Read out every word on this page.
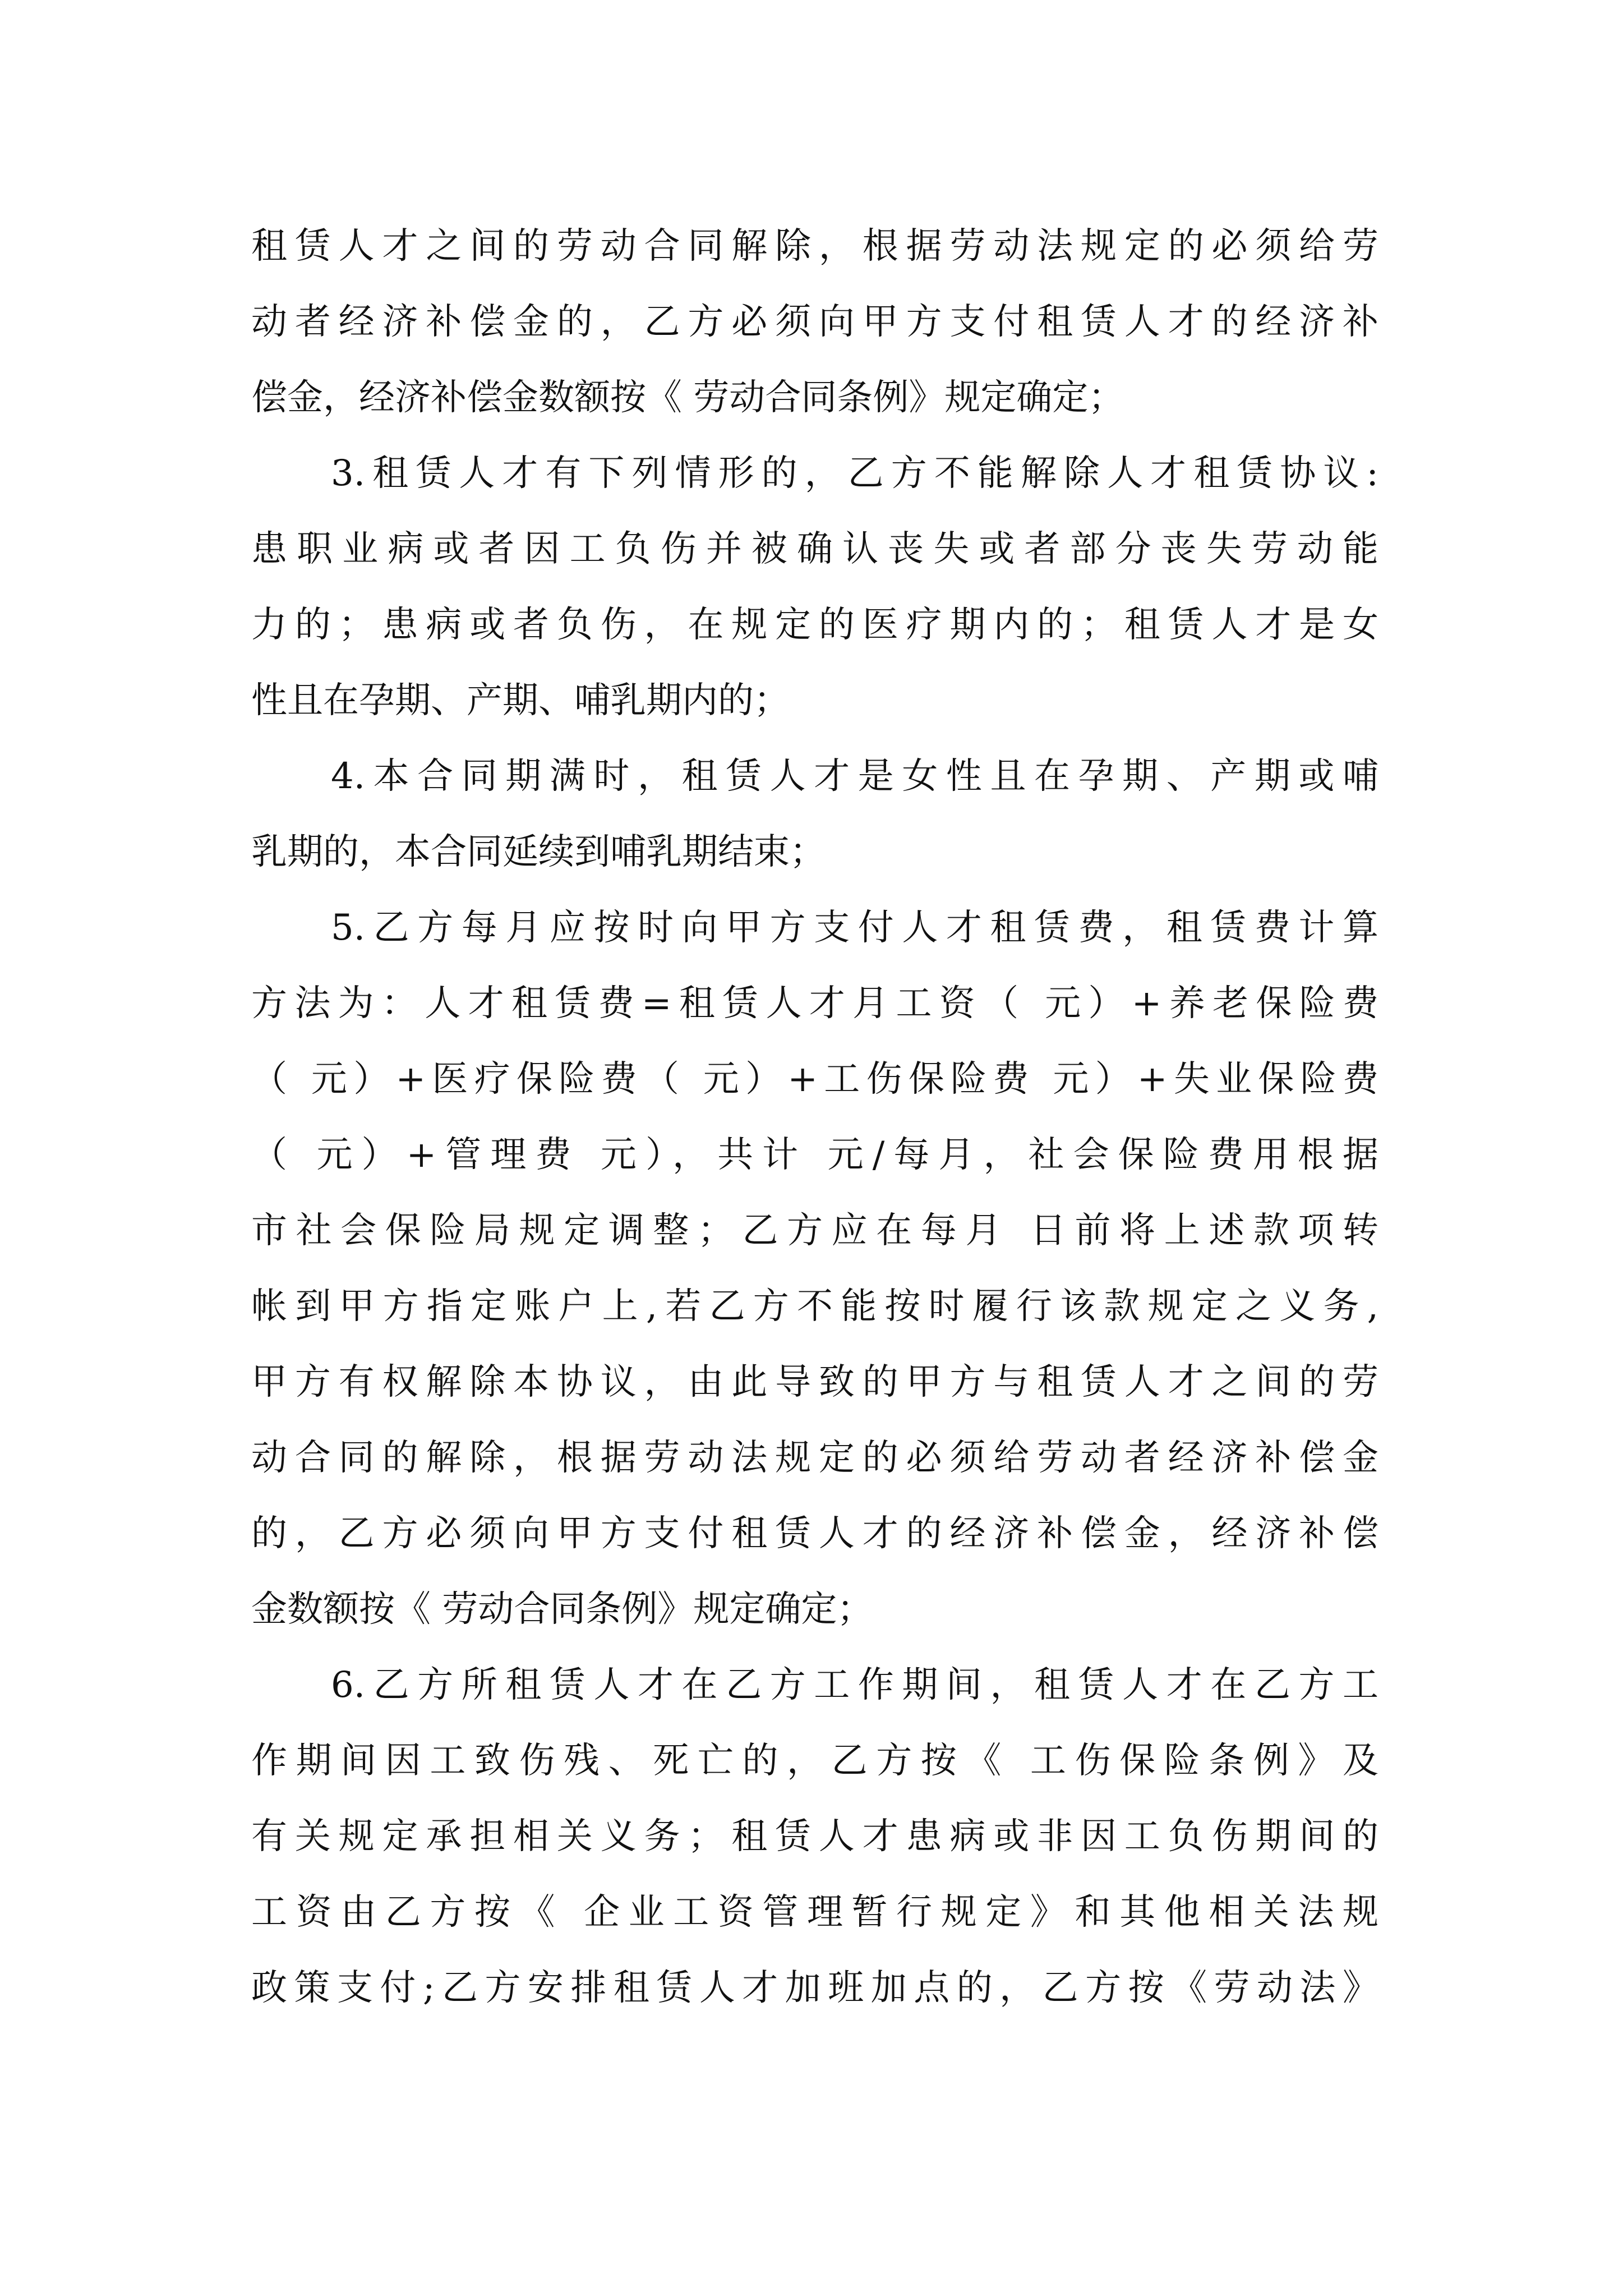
租赁人才之间的劳动合同解除，根据劳动法规定的必须给劳
动者经济补偿金的，乙方必须向甲方支付租赁人才的经济补
偿金，经济补偿金数额按《 劳动合同条例》规定确定；
3.租赁人才有下列情形的，乙方不能解除人才租赁协议:
患职业病或者因工负伤并被确认丧失或者部分丧失劳动能
力的；患病或者负伤，在规定的医疗期内的；租赁人才是女
性且在孕期、产期、哺乳期内的；
4.本合同期满时，租赁人才是女性且在孕期、产期或哺
乳期的，本合同延续到哺乳期结束；
5.乙方每月应按时向甲方支付人才租赁费，租赁费计算
方法为：人才租赁费=租赁人才月工资（ 元）+养老保险费
（ 元）+医疗保险费（ 元）+工伤保险费 元）+失业保险费
（ 元）+管理费 元），共计 元/每月，社会保险费用根据
市社会保险局规定调整；乙方应在每月 日前将上述款项转
帐到甲方指定账户上,若乙方不能按时履行该款规定之义务,
甲方有权解除本协议，由此导致的甲方与租赁人才之间的劳
动合同的解除，根据劳动法规定的必须给劳动者经济补偿金
的，乙方必须向甲方支付租赁人才的经济补偿金，经济补偿
金数额按《 劳动合同条例》规定确定；
6.乙方所租赁人才在乙方工作期间，租赁人才在乙方工
作期间因工致伤残、死亡的，乙方按《 工伤保险条例》及
有关规定承担相关义务；租赁人才患病或非因工负伤期间的
工资由乙方按《 企业工资管理暂行规定》和其他相关法规
政策支付;乙方安排租赁人才加班加点的，乙方按《劳动法》
